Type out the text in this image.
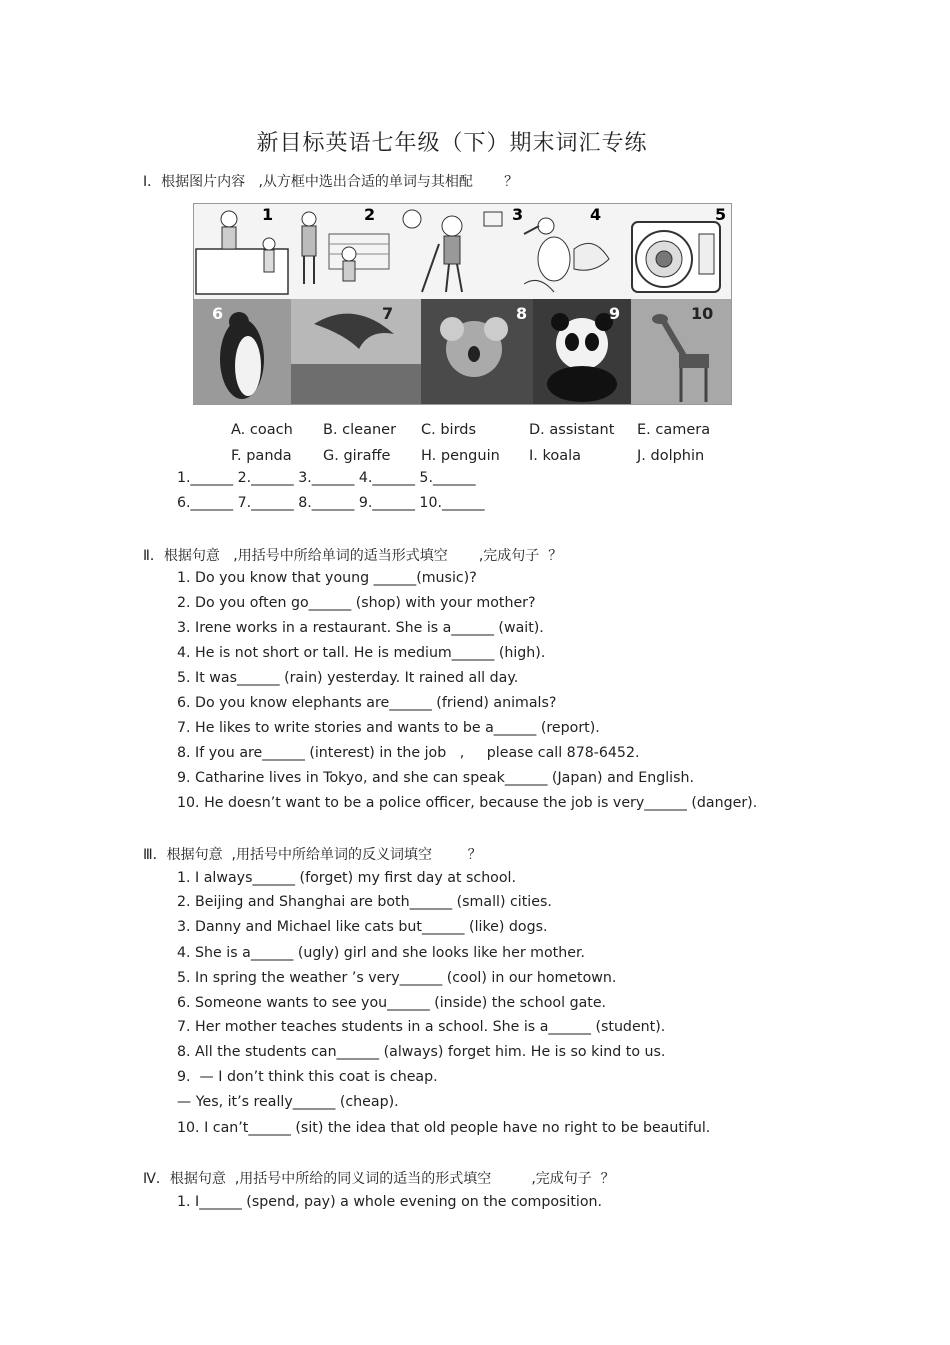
新目标英语七年级（下）期末词汇专练
Ⅰ．根据图片内容   ,从方框中选出合适的单词与其相配       ？
1	2	3	4	5
6	7	8	9	10
A. coach B. cleaner C. birds	D. assistant E. camera
F. panda G. giraffe H. penguin I. koala	J. dolphin
1.______ 2.______ 3.______ 4.______ 5.______
6.______ 7.______ 8.______ 9.______ 10.______
Ⅱ．根据句意   ,用括号中所给单词的适当形式填空       ,完成句子  ？
1. Do you know that young ______(music)?
2. Do you often go______ (shop) with your mother?
3. Irene works in a restaurant. She is a______ (wait).
4. He is not short or tall. He is medium______ (high).
5. It was______ (rain) yesterday. It rained all day.
6. Do you know elephants are______ (friend) animals?
7. He likes to write stories and wants to be a______ (report).
8. If you are______ (interest) in the job   ,     please call 878-6452.
9. Catharine lives in Tokyo, and she can speak______ (Japan) and English.
10. He doesn’t want to be a police officer, because the job is very______ (danger).
Ⅲ．根据句意  ,用括号中所给单词的反义词填空        ？
1. I always______ (forget) my first day at school.
2. Beijing and Shanghai are both______ (small) cities.
3. Danny and Michael like cats but______ (like) dogs.
4. She is a______ (ugly) girl and she looks like her mother.
5. In spring the weather ’s very______ (cool) in our hometown.
6. Someone wants to see you______ (inside) the school gate.
7. Her mother teaches students in a school. She is a______ (student).
8. All the students can______ (always) forget him. He is so kind to us.
9.  — I don’t think this coat is cheap.
— Yes, it’s really______ (cheap).
10. I can’t______ (sit) the idea that old people have no right to be beautiful.
Ⅳ．根据句意  ,用括号中所给的同义词的适当的形式填空         ,完成句子  ？
1. I______ (spend, pay) a whole evening on the composition.
